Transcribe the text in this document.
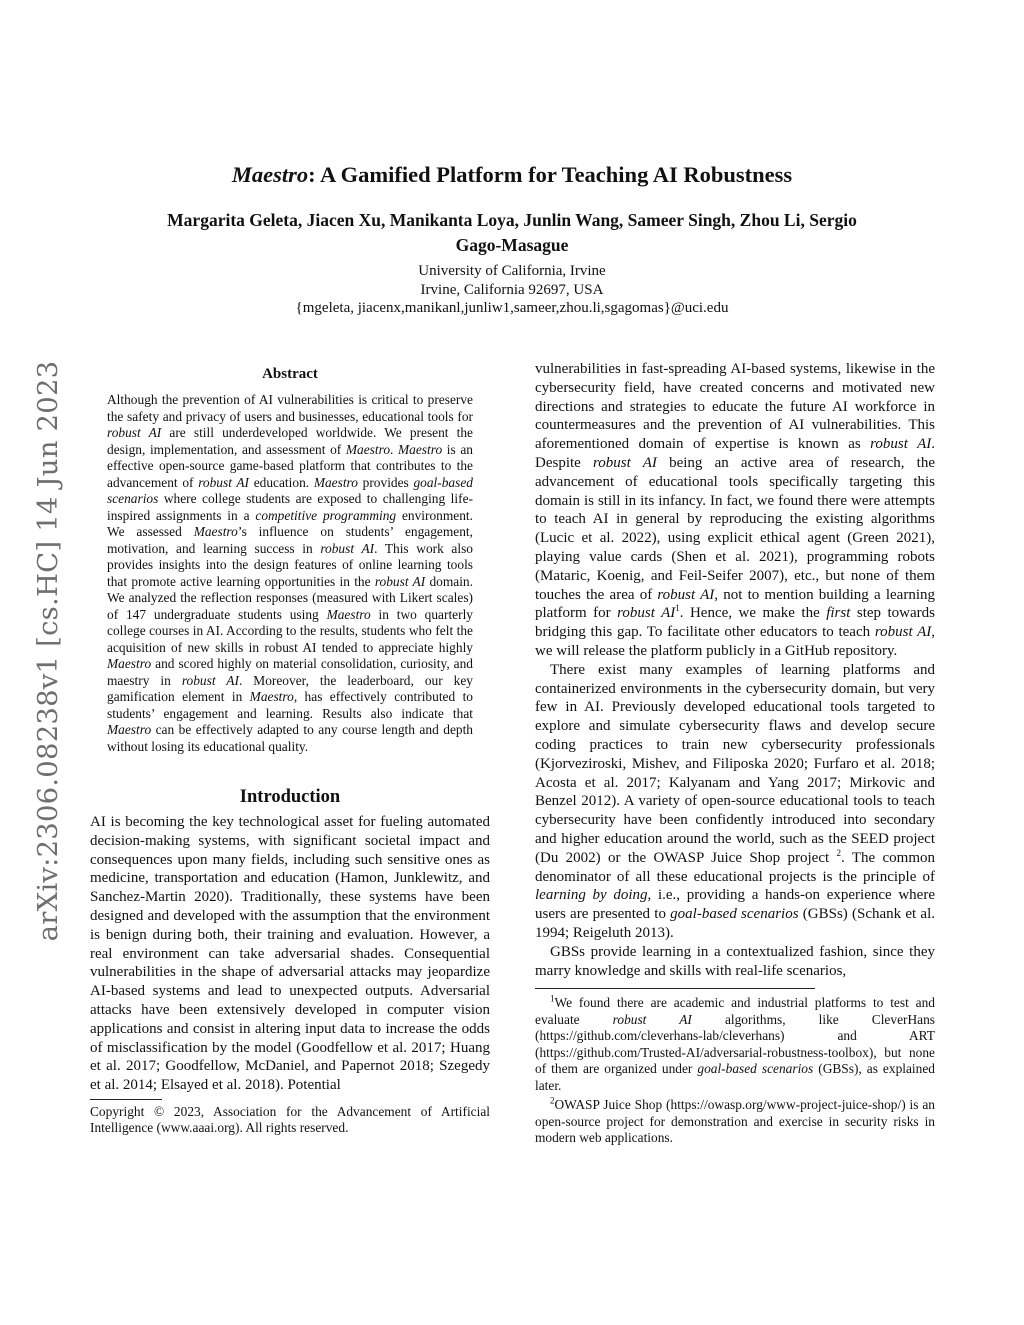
Maestro: A Gamified Platform for Teaching AI Robustness
Margarita Geleta, Jiacen Xu, Manikanta Loya, Junlin Wang, Sameer Singh, Zhou Li, Sergio
Gago-Masague
University of California, Irvine
Irvine, California 92697, USA
{mgeleta, jiacenx,manikanl,junliw1,sameer,zhou.li,sgagomas}@uci.edu
arXiv:2306.08238v1 [cs.HC] 14 Jun 2023	Abstract
Although the prevention of AI vulnerabilities is critical to preserve the safety and privacy of users and businesses, educational tools for robust AI are still underdeveloped worldwide. We present the design, implementation, and assessment of Maestro. Maestro is an effective open-source game-based platform that contributes to the advancement of robust AI education. Maestro provides goal-based scenarios where college students are exposed to challenging life-inspired assignments in a competitive programming environment. We assessed Maestro’s influence on students’ engagement, motivation, and learning success in robust AI. This work also provides insights into the design features of online learning tools that promote active learning opportunities in the robust AI domain. We analyzed the reflection responses (measured with Likert scales) of 147 undergraduate students using Maestro in two quarterly college courses in AI. According to the results, students who felt the acquisition of new skills in robust AI tended to appreciate highly Maestro and scored highly on material consolidation, curiosity, and maestry in robust AI. Moreover, the leaderboard, our key gamification element in Maestro, has effectively contributed to students’ engagement and learning. Results also indicate that Maestro can be effectively adapted to any course length and depth without losing its educational quality.
Introduction

AI is becoming the key technological asset for fueling automated decision-making systems, with significant societal impact and consequences upon many fields, including such sensitive ones as medicine, transportation and education (Hamon, Junklewitz, and Sanchez-Martin 2020). Traditionally, these systems have been designed and developed with the assumption that the environment is benign during both, their training and evaluation. However, a real environment can take adversarial shades. Consequential vulnerabilities in the shape of adversarial attacks may jeopardize AI-based systems and lead to unexpected outputs. Adversarial attacks have been extensively developed in computer vision applications and consist in altering input data to increase the odds of misclassification by the model (Goodfellow et al. 2017; Huang et al. 2017; Goodfellow, McDaniel, and Papernot 2018; Szegedy et al. 2014; Elsayed et al. 2018). Potential

Copyright © 2023, Association for the Advancement of Artificial Intelligence (www.aaai.org). All rights reserved.

vulnerabilities in fast-spreading AI-based systems, likewise in the cybersecurity field, have created concerns and motivated new directions and strategies to educate the future AI workforce in countermeasures and the prevention of AI vulnerabilities. This aforementioned domain of expertise is known as robust AI. Despite robust AI being an active area of research, the advancement of educational tools specifically targeting this domain is still in its infancy. In fact, we found there were attempts to teach AI in general by reproducing the existing algorithms (Lucic et al. 2022), using explicit ethical agent (Green 2021), playing value cards (Shen et al. 2021), programming robots (Mataric, Koenig, and Feil-Seifer 2007), etc., but none of them touches the area of robust AI, not to mention building a learning platform for robust $AI^1$. Hence, we make the first step towards bridging this gap. To facilitate other educators to teach robust AI, we will release the platform publicly in a GitHub repository.

There exist many examples of learning platforms and containerized environments in the cybersecurity domain, but very few in AI. Previously developed educational tools targeted to explore and simulate cybersecurity flaws and develop secure coding practices to train new cybersecurity professionals (Kjorveziroski, Mishev, and Filiposka 2020; Furfaro et al. 2018; Acosta et al. 2017; Kalyanam and Yang 2017; Mirkovic and Benzel 2012). A variety of open-source educational tools to teach cybersecurity have been confidently introduced into secondary and higher education around the world, such as the SEED project (Du 2002) or the OWASP Juice Shop project $^2$. The common denominator of all these educational projects is the principle of learning by doing, i.e., providing a hands-on experience where users are presented to goal-based scenarios (GBSs) (Schank et al. 1994; Reigeluth 2013).

GBSs provide learning in a contextualized fashion, since they marry knowledge and skills with real-life scenarios,

$^1$We found there are academic and industrial platforms to test and evaluate robust AI algorithms, like CleverHans (https://github.com/cleverhans-lab/cleverhans) and ART (https://github.com/Trusted-AI/adversarial-robustness-toolbox), but none of them are organized under goal-based scenarios (GBSs), as explained later.

$^2$OWASP Juice Shop (https://owasp.org/www-project-juice-shop/) is an open-source project for demonstration and exercise in security risks in modern web applications.
